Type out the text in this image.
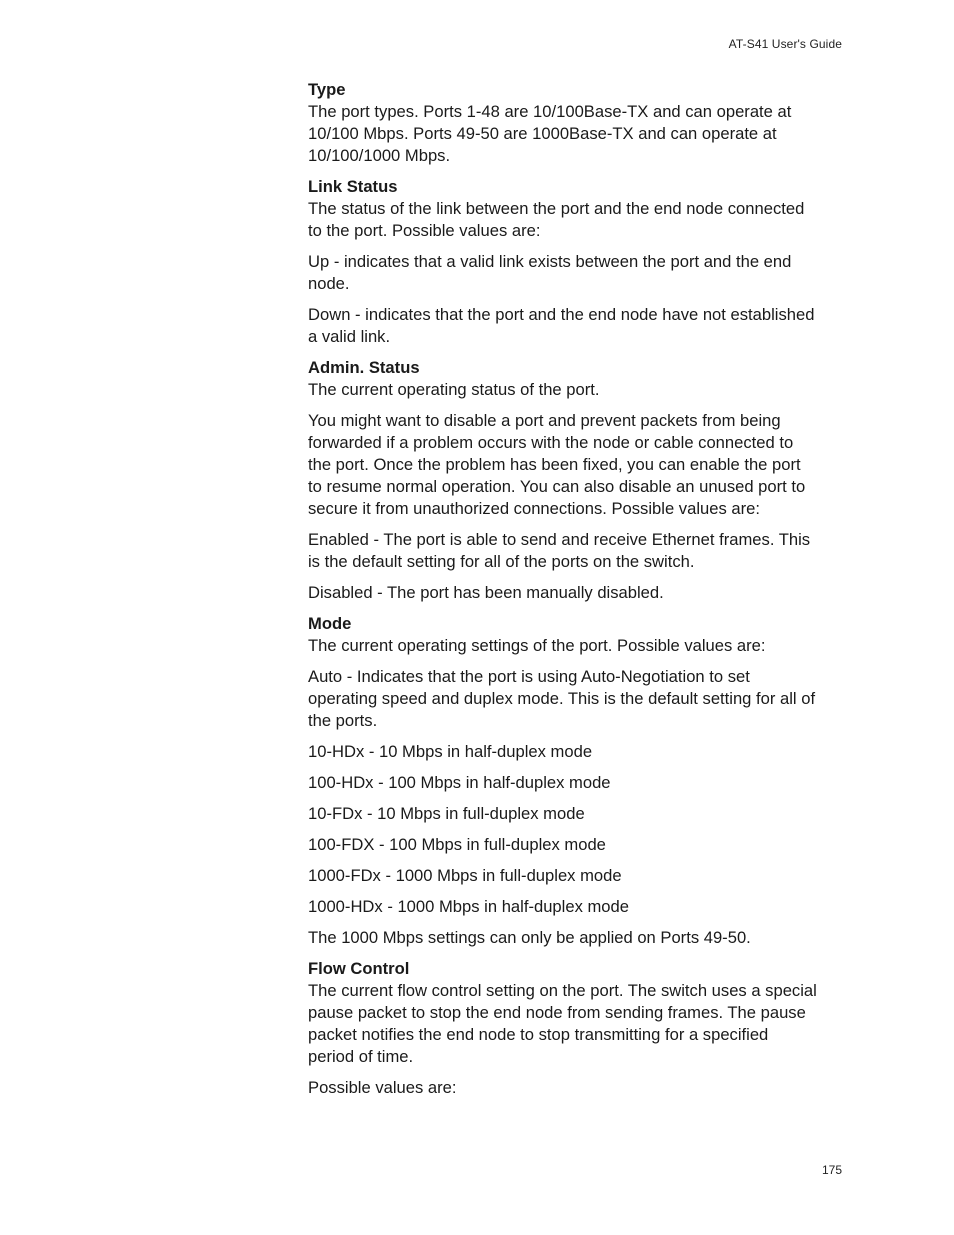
AT-S41 User's Guide
Type
The port types. Ports 1-48 are 10/100Base-TX and can operate at 10/100 Mbps. Ports 49-50 are 1000Base-TX and can operate at 10/100/1000 Mbps.
Link Status
The status of the link between the port and the end node connected to the port. Possible values are:
Up - indicates that a valid link exists between the port and the end node.
Down - indicates that the port and the end node have not established a valid link.
Admin. Status
The current operating status of the port.
You might want to disable a port and prevent packets from being forwarded if a problem occurs with the node or cable connected to the port. Once the problem has been fixed, you can enable the port to resume normal operation. You can also disable an unused port to secure it from unauthorized connections. Possible values are:
Enabled - The port is able to send and receive Ethernet frames. This is the default setting for all of the ports on the switch.
Disabled - The port has been manually disabled.
Mode
The current operating settings of the port. Possible values are:
Auto - Indicates that the port is using Auto-Negotiation to set operating speed and duplex mode. This is the default setting for all of the ports.
10-HDx - 10 Mbps in half-duplex mode
100-HDx - 100 Mbps in half-duplex mode
10-FDx - 10 Mbps in full-duplex mode
100-FDX - 100 Mbps in full-duplex mode
1000-FDx - 1000 Mbps in full-duplex mode
1000-HDx - 1000 Mbps in half-duplex mode
The 1000 Mbps settings can only be applied on Ports 49-50.
Flow Control
The current flow control setting on the port. The switch uses a special pause packet to stop the end node from sending frames. The pause packet notifies the end node to stop transmitting for a specified period of time.
Possible values are:
175
